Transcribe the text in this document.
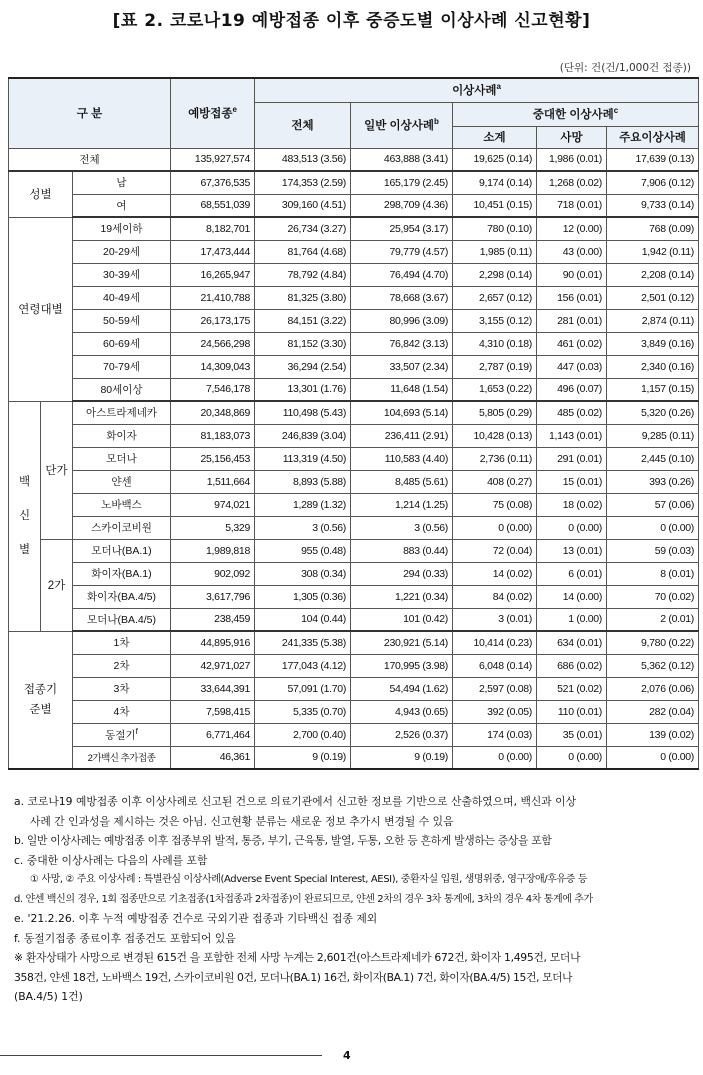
[표 2. 코로나19 예방접종 이후 중증도별 이상사례 신고현황]
(단위: 건(건/1,000건 접종))
구 분			예방접종$^e$	이상사례$^a$
				전체	일반 이상사례$^b$	중대한 이상사례$^c$
						소계	사망	주요이상사례
전체			135,927,574	483,513 (3.56)	463,888 (3.41)	19,625 (0.14)	1,986 (0.01)	17,639 (0.13)
성별		남	67,376,535	174,353 (2.59)	165,179 (2.45)	9,174 (0.14)	1,268 (0.02)	7,906 (0.12)
		여	68,551,039	309,160 (4.51)	298,709 (4.36)	10,451 (0.15)	718 (0.01)	9,733 (0.14)
연령대별		19세이하	8,182,701	26,734 (3.27)	25,954 (3.17)	780 (0.10)	12 (0.00)	768 (0.09)
		20-29세	17,473,444	81,764 (4.68)	79,779 (4.57)	1,985 (0.11)	43 (0.00)	1,942 (0.11)
		30-39세	16,265,947	78,792 (4.84)	76,494 (4.70)	2,298 (0.14)	90 (0.01)	2,208 (0.14)
		40-49세	21,410,788	81,325 (3.80)	78,668 (3.67)	2,657 (0.12)	156 (0.01)	2,501 (0.12)
		50-59세	26,173,175	84,151 (3.22)	80,996 (3.09)	3,155 (0.12)	281 (0.01)	2,874 (0.11)
		60-69세	24,566,298	81,152 (3.30)	76,842 (3.13)	4,310 (0.18)	461 (0.02)	3,849 (0.16)
		70-79세	14,309,043	36,294 (2.54)	33,507 (2.34)	2,787 (0.19)	447 (0.03)	2,340 (0.16)
		80세이상	7,546,178	13,301 (1.76)	11,648 (1.54)	1,653 (0.22)	496 (0.07)	1,157 (0.15)
백신별	단가	아스트라제네카	20,348,869	110,498 (5.43)	104,693 (5.14)	5,805 (0.29)	485 (0.02)	5,320 (0.26)
		화이자	81,183,073	246,839 (3.04)	236,411 (2.91)	10,428 (0.13)	1,143 (0.01)	9,285 (0.11)
		모더나	25,156,453	113,319 (4.50)	110,583 (4.40)	2,736 (0.11)	291 (0.01)	2,445 (0.10)
		얀센	1,511,664	8,893 (5.88)	8,485 (5.61)	408 (0.27)	15 (0.01)	393 (0.26)
		노바백스	974,021	1,289 (1.32)	1,214 (1.25)	75 (0.08)	18 (0.02)	57 (0.06)
		스카이코비원	5,329	3 (0.56)	3 (0.56)	0 (0.00)	0 (0.00)	0 (0.00)
	2가	모더나(BA.1)	1,989,818	955 (0.48)	883 (0.44)	72 (0.04)	13 (0.01)	59 (0.03)
		화이자(BA.1)	902,092	308 (0.34)	294 (0.33)	14 (0.02)	6 (0.01)	8 (0.01)
		화이자(BA.4/5)	3,617,796	1,305 (0.36)	1,221 (0.34)	84 (0.02)	14 (0.00)	70 (0.02)
		모더나(BA.4/5)	238,459	104 (0.44)	101 (0.42)	3 (0.01)	1 (0.00)	2 (0.01)
접종기준별		1차	44,895,916	241,335 (5.38)	230,921 (5.14)	10,414 (0.23)	634 (0.01)	9,780 (0.22)
		2차	42,971,027	177,043 (4.12)	170,995 (3.98)	6,048 (0.14)	686 (0.02)	5,362 (0.12)
		3차	33,644,391	57,091 (1.70)	54,494 (1.62)	2,597 (0.08)	521 (0.02)	2,076 (0.06)
		4차	7,598,415	5,335 (0.70)	4,943 (0.65)	392 (0.05)	110 (0.01)	282 (0.04)
		동절기$^f$	6,771,464	2,700 (0.40)	2,526 (0.37)	174 (0.03)	35 (0.01)	139 (0.02)
		2가백신 추가접종	46,361	9 (0.19)	9 (0.19)	0 (0.00)	0 (0.00)	0 (0.00)
a. 코로나19 예방접종 이후 이상사례로 신고된 건으로 의료기관에서 신고한 정보를 기반으로 산출하였으며, 백신과 이상
사례 간 인과성을 제시하는 것은 아님. 신고현황 분류는 새로운 정보 추가시 변경될 수 있음
b. 일반 이상사례는 예방접종 이후 접종부위 발적, 통증, 부기, 근육통, 발열, 두통, 오한 등 흔하게 발생하는 증상을 포함
c. 중대한 이상사례는 다음의 사례를 포함
① 사망, ② 주요 이상사례 : 특별관심 이상사례(Adverse Event Special Interest, AESI), 중환자실 입원, 생명위중, 영구장애/후유증 등
d. 얀센 백신의 경우, 1회 접종만으로 기초접종(1차접종과 2차접종)이 완료되므로, 얀센 2차의 경우 3차 통계에, 3차의 경우 4차 통계에 추가
e. '21.2.26. 이후 누적 예방접종 건수로 국외기관 접종과 기타백신 접종 제외
f. 동절기접종 종료이후 접종건도 포함되어 있음
※ 환자상태가 사망으로 변경된 615건 을 포함한 전체 사망 누계는 2,601건(아스트라제네카 672건, 화이자 1,495건, 모더나
358건, 얀센 18건, 노바백스 19건, 스카이코비원 0건, 모더나(BA.1) 16건, 화이자(BA.1) 7건, 화이자(BA.4/5) 15건, 모더나
(BA.4/5) 1건)
4
